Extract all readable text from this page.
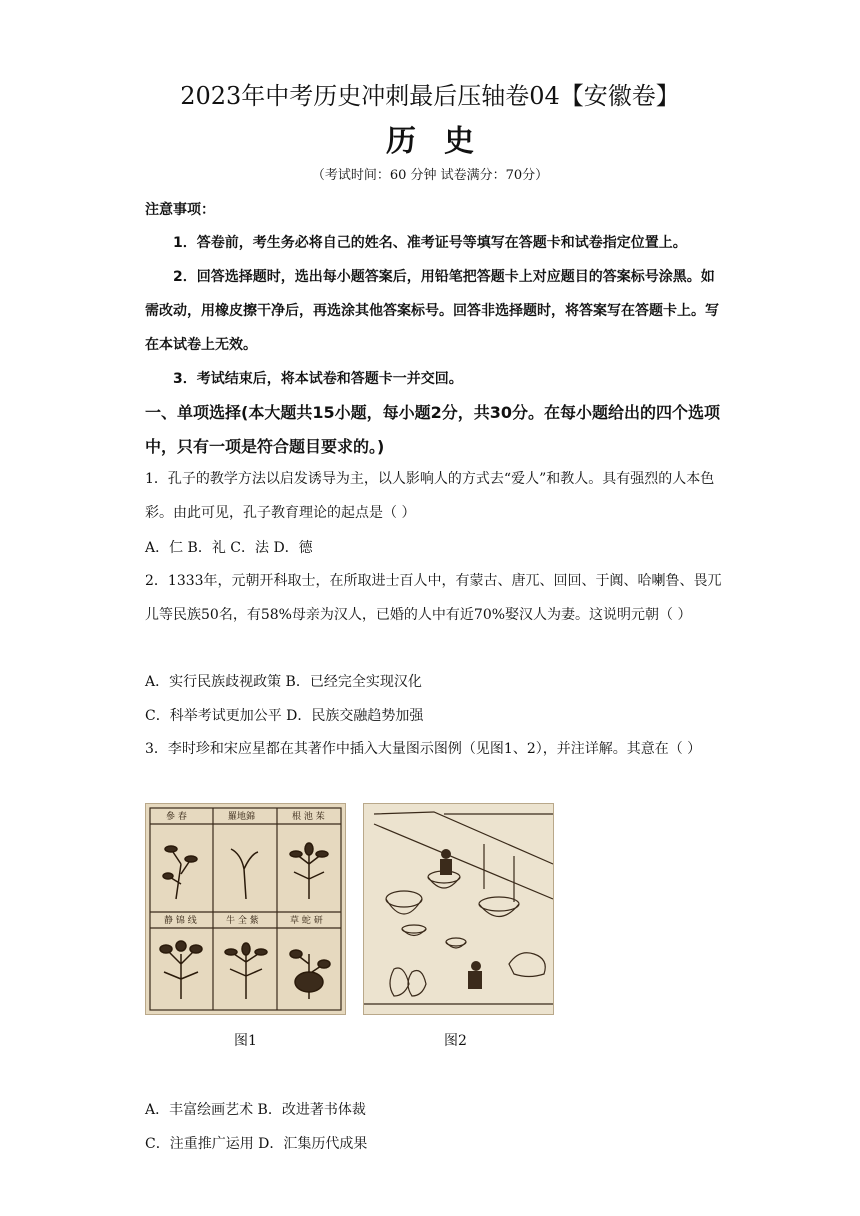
2023年中考历史冲刺最后压轴卷04【安徽卷】
历史
（考试时间：60 分钟 试卷满分：70分）
注意事项：
1．答卷前，考生务必将自己的姓名、准考证号等填写在答题卡和试卷指定位置上。
2．回答选择题时，选出每小题答案后，用铅笔把答题卡上对应题目的答案标号涂黑。如需改动，用橡皮擦干净后，再选涂其他答案标号。回答非选择题时，将答案写在答题卡上。写在本试卷上无效。
3．考试结束后，将本试卷和答题卡一并交回。
一、单项选择(本大题共15小题，每小题2分，共30分。在每小题给出的四个选项中，只有一项是符合题目要求的。)
1．孔子的教学方法以启发诱导为主，以人影响人的方式去“爱人”和教人。具有强烈的人本色彩。由此可见，孔子教育理论的起点是（ ）
A．仁 B．礼 C．法 D．德
2．1333年，元朝开科取士，在所取进士百人中，有蒙古、唐兀、回回、于阗、哈喇鲁、畏兀儿等民族50名，有58%母亲为汉人，已婚的人中有近70%娶汉人为妻。这说明元朝（ ）
A．实行民族歧视政策 B．已经完全实现汉化
C．科举考试更加公平 D．民族交融趋势加强
3．李时珍和宋应星都在其著作中插入大量图示图例（见图1、2），并注详解。其意在（ ）
參 春	羅地錦	根 池 茱
静 锦 线	牛 全 紫	草 蛇 研
图1	图2
A．丰富绘画艺术 B．改进著书体裁
C．注重推广运用 D．汇集历代成果
